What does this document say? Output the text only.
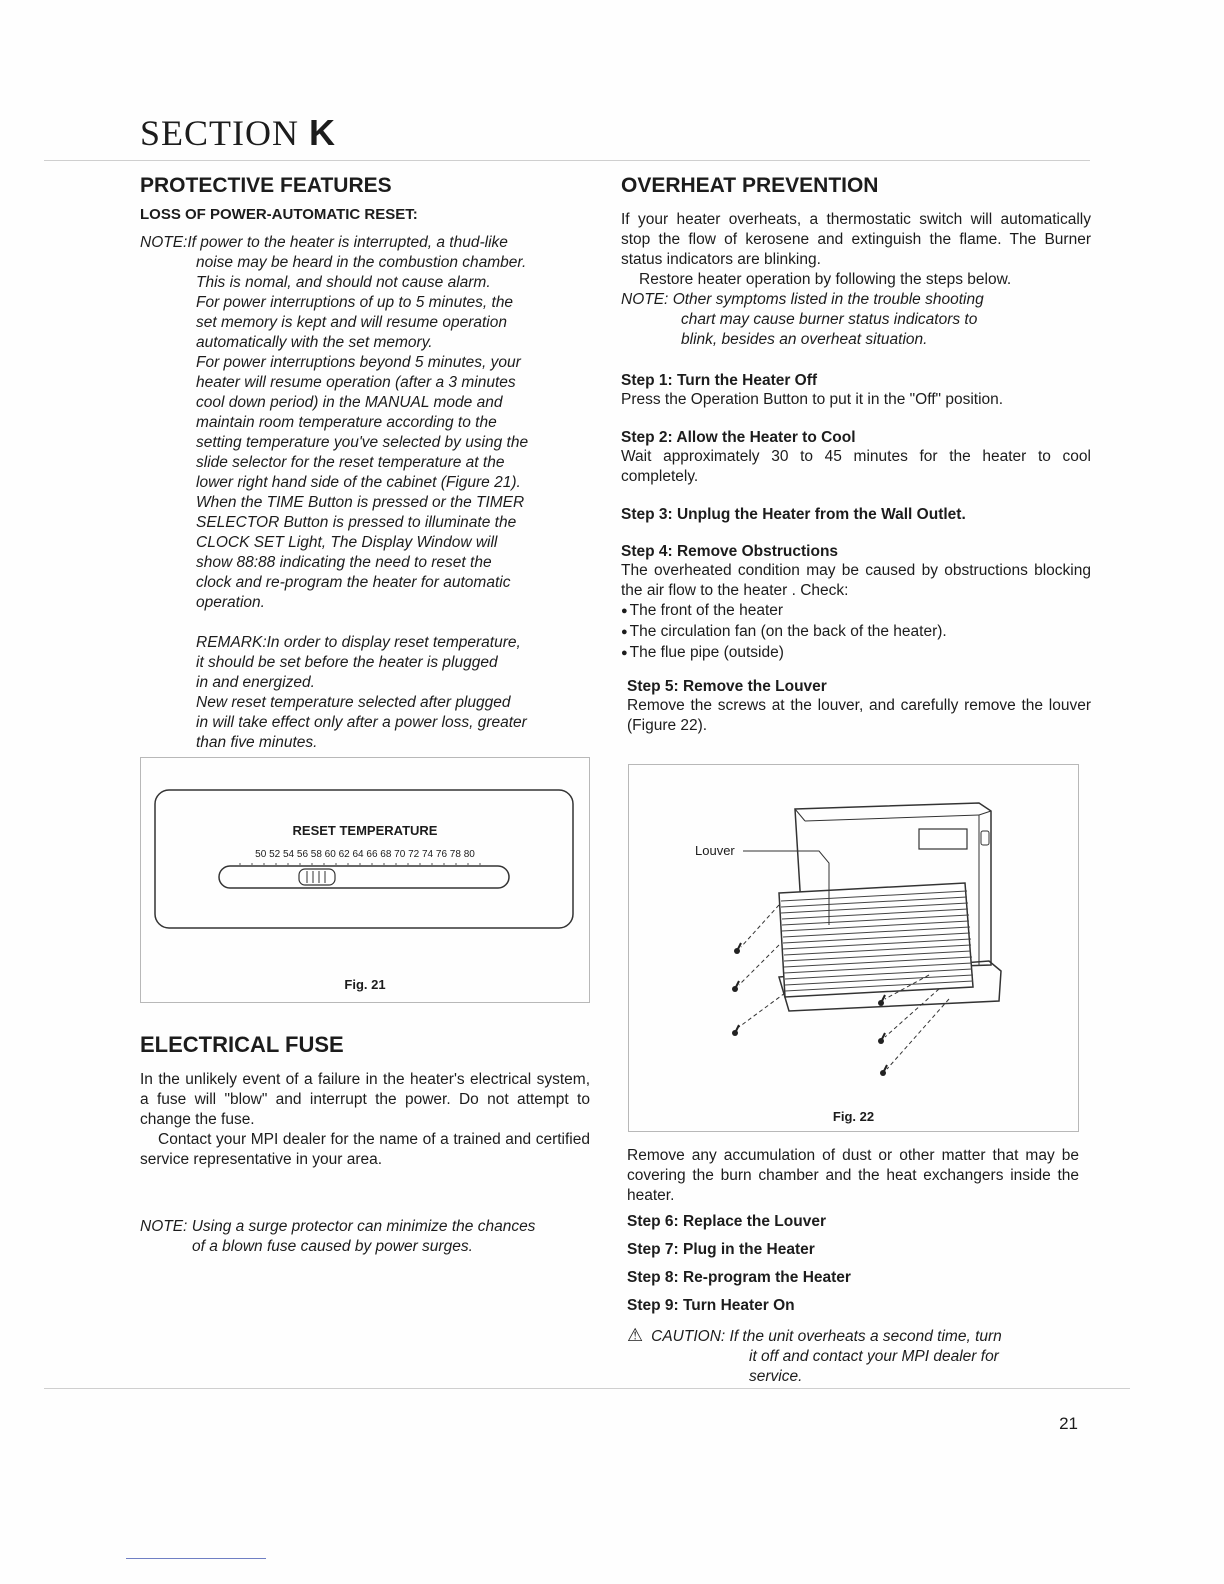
SECTION K
PROTECTIVE FEATURES
LOSS OF POWER-AUTOMATIC RESET:
NOTE:If power to the heater is interrupted, a thud-like
noise may be heard in the combustion chamber.
This is nomal, and should not cause alarm.
For power interruptions of up to 5 minutes, the
set memory is kept and will resume operation
automatically with the set memory.
For power interruptions beyond 5 minutes, your
heater will resume operation (after a 3 minutes
cool down period) in the MANUAL mode and
maintain room temperature according to the
setting temperature you've selected by using the
slide selector for the reset temperature at the
lower right hand side of the cabinet (Figure 21).
When the TIME Button is pressed or the TIMER
SELECTOR Button is pressed to illuminate the
CLOCK SET Light, The Display Window will
show 88:88 indicating the need to reset the
clock and re-program the heater for automatic
operation.
REMARK:In order to display reset temperature,
it should be set before the heater is plugged
in and energized.
New reset temperature selected after plugged
in will take effect only after a power loss, greater
than five minutes.
RESET TEMPERATURE
50 52 54 56 58 60 62 64 66 68 70 72 74 76 78 80
Fig. 21
ELECTRICAL FUSE

In the unlikely event of a failure in the heater's electrical system, a fuse will "blow" and interrupt the power. Do not attempt to change the fuse.

Contact your MPI dealer for the name of a trained and certified service representative in your area.

NOTE: Using a surge protector can minimize the chances
of a blown fuse caused by power surges.
OVERHEAT PREVENTION

If your heater overheats, a thermostatic switch will automatically stop the flow of kerosene and extinguish the flame. The Burner status indicators are blinking.

Restore heater operation by following the steps below.

NOTE: Other symptoms listed in the trouble shooting
chart may cause burner status indicators to
blink, besides an overheat situation.
Step 1: Turn the Heater Off

Press the Operation Button to put it in the "Off" position.

Step 2: Allow the Heater to Cool

Wait approximately 30 to 45 minutes for the heater to cool completely.

Step 3: Unplug the Heater from the Wall Outlet.
Step 4: Remove Obstructions

The overheated condition may be caused by obstructions blocking the air flow to the heater . Check:

● The front of the heater
● The circulation fan (on the back of the heater).
● The flue pipe (outside)
Step 5: Remove the Louver

Remove the screws at the louver, and carefully remove the louver (Figure 22).

Louver
Fig. 22

Remove any accumulation of dust or other matter that may be covering the burn chamber and the heat exchangers inside the heater.

Step 6: Replace the Louver
Step 7: Plug in the Heater
Step 8: Re-program the Heater
Step 9: Turn Heater On
⚠ CAUTION: If the unit overheats a second time, turn
it off and contact your MPI dealer for
service.
21
